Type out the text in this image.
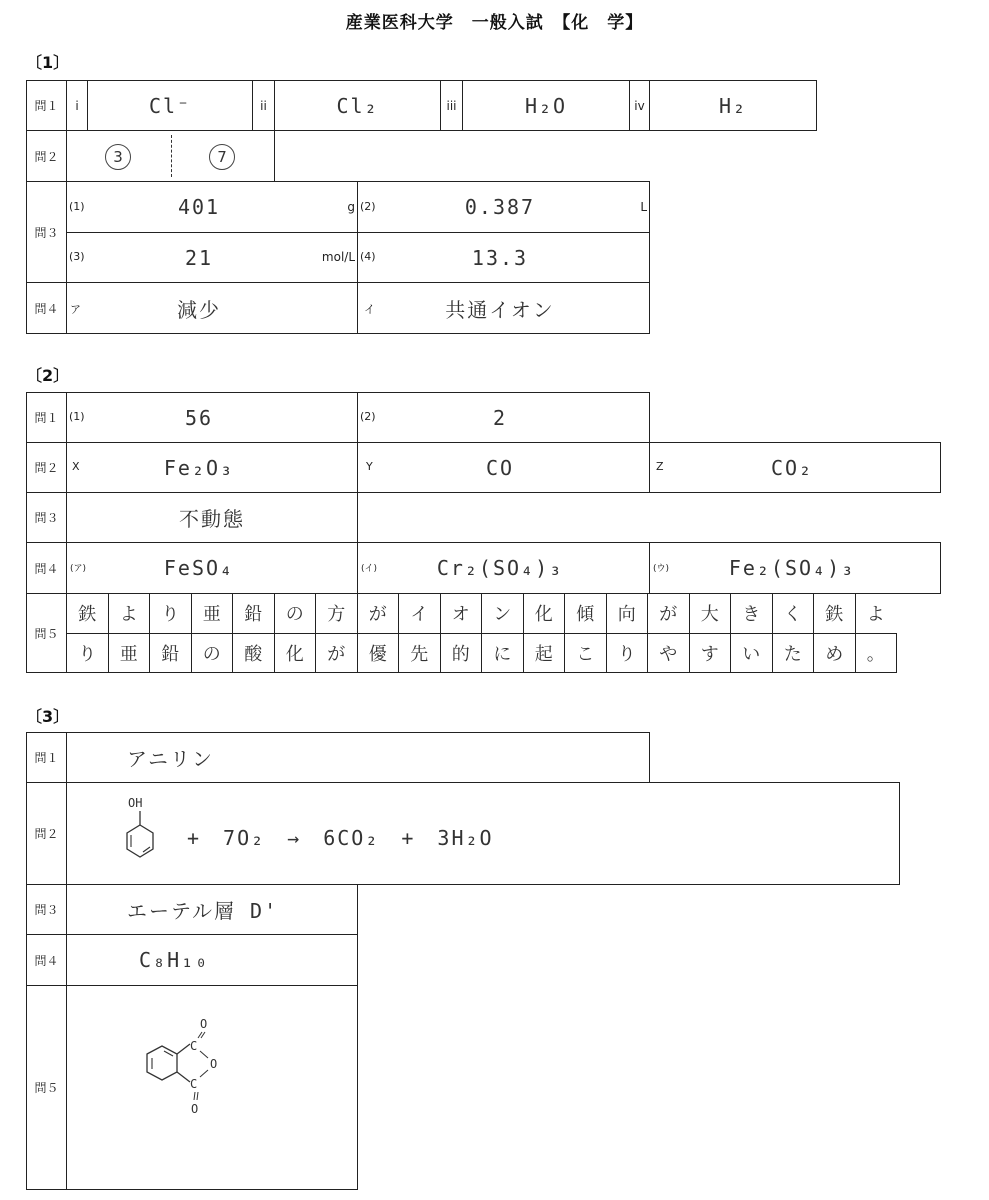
産業医科大学　一般入試　【化　学】
〔1〕
問１	i	Cl⁻	ii	Cl₂	iii	H₂O	iv	H₂
問２	3	7
問３
(1)	401	g (2)	0.387	L
(3)	21	mol/L (4)	13.3
問４	ア	減少	イ	共通イオン
〔2〕
問１ (1)	56	(2)	2
問２	X	Fe₂O₃	Y	CO	Z	CO₂
問３	不動態
問４	(ア)	FeSO₄	(イ)	Cr₂(SO₄)₃	(ウ)	Fe₂(SO₄)₃
問５
鉄	よ	り	亜	鉛	の	方	が	イ	オ	ン	化	傾	向	が	大	き	く	鉄	よ
り	亜	鉛	の	酸	化	が	優	先	的	に	起	こ	り	や	す	い	た	め	。
〔3〕
問１	アニリン
問２
OH
+　7O₂　→　6CO₂　+　3H₂O
問３	エーテル層 D'
問４	C₈H₁₀
問５
O
C
O
C
O
